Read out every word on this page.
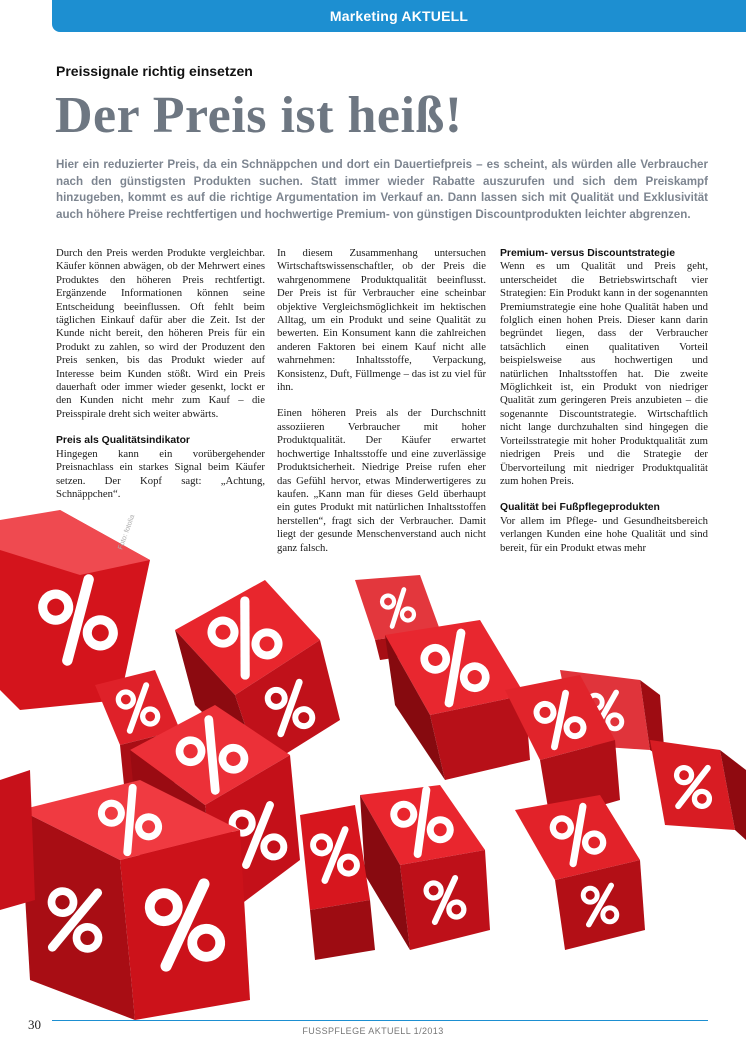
Marketing AKTUELL
Preissignale richtig einsetzen
Der Preis ist heiß!
Hier ein reduzierter Preis, da ein Schnäppchen und dort ein Dauertiefpreis – es scheint, als würden alle Verbraucher nach den günstigsten Produkten suchen. Statt immer wieder Rabatte auszurufen und sich dem Preiskampf hinzugeben, kommt es auf die richtige Argumentation im Verkauf an. Dann lassen sich mit Qualität und Exklusivität auch höhere Preise rechtfertigen und hochwertige Premium- von günstigen Discountprodukten leichter abgrenzen.

Durch den Preis werden Produkte vergleichbar. Käufer können abwägen, ob der Mehrwert eines Produktes den höheren Preis rechtfertigt. Ergänzende Informationen können seine Entscheidung beeinflussen. Oft fehlt beim täglichen Einkauf dafür aber die Zeit. Ist der Kunde nicht bereit, den höheren Preis für ein Produkt zu zahlen, so wird der Produzent den Preis senken, bis das Produkt wieder auf Interesse beim Kunden stößt. Wird ein Preis dauerhaft oder immer wieder gesenkt, lockt er den Kunden nicht mehr zum Kauf – die Preisspirale dreht sich weiter abwärts.

Preis als Qualitätsindikator

Hingegen kann ein vorübergehender Preisnachlass ein starkes Signal beim Käufer setzen. Der Kopf sagt: „Achtung, Schnäppchen“.

In diesem Zusammenhang untersuchen Wirtschaftswissenschaftler, ob der Preis die wahrgenommene Produktqualität beeinflusst. Der Preis ist für Verbraucher eine scheinbar objektive Vergleichsmöglichkeit im hektischen Alltag, um ein Produkt und seine Qualität zu bewerten. Ein Konsument kann die zahlreichen anderen Faktoren bei einem Kauf nicht alle wahrnehmen: Inhaltsstoffe, Verpackung, Konsistenz, Duft, Füllmenge – das ist zu viel für ihn.

Einen höheren Preis als der Durchschnitt assoziieren Verbraucher mit hoher Produktqualität. Der Käufer erwartet hochwertige Inhaltsstoffe und eine zuverlässige Produktsicherheit. Niedrige Preise rufen eher das Gefühl hervor, etwas Minderwertigeres zu kaufen. „Kann man für dieses Geld überhaupt ein gutes Produkt mit natürlichen Inhaltsstoffen herstellen“, fragt sich der Verbraucher. Damit liegt der gesunde Menschenverstand auch nicht ganz falsch.

Premium- versus Discountstrategie

Wenn es um Qualität und Preis geht, unterscheidet die Betriebswirtschaft vier Strategien: Ein Produkt kann in der sogenannten Premiumstrategie eine hohe Qualität haben und folglich einen hohen Preis. Dieser kann darin begründet liegen, dass der Verbraucher tatsächlich einen qualitativen Vorteil beispielsweise aus hochwertigen und natürlichen Inhaltsstoffen hat. Die zweite Möglichkeit ist, ein Produkt von niedriger Qualität zum geringeren Preis anzubieten – die sogenannte Discountstrategie. Wirtschaftlich nicht lange durchzuhalten sind hingegen die Vorteilsstrategie mit hoher Produktqualität zum niedrigen Preis und die Strategie der Übervorteilung mit niedriger Produktqualität zum hohen Preis.

Qualität bei Fußpflegeprodukten

Vor allem im Pflege- und Gesundheitsbereich verlangen Kunden eine hohe Qualität und sind bereit, für ein Produkt etwas mehr

Foto: fotolia
30	FUSSPFLEGE AKTUELL 1/2013
